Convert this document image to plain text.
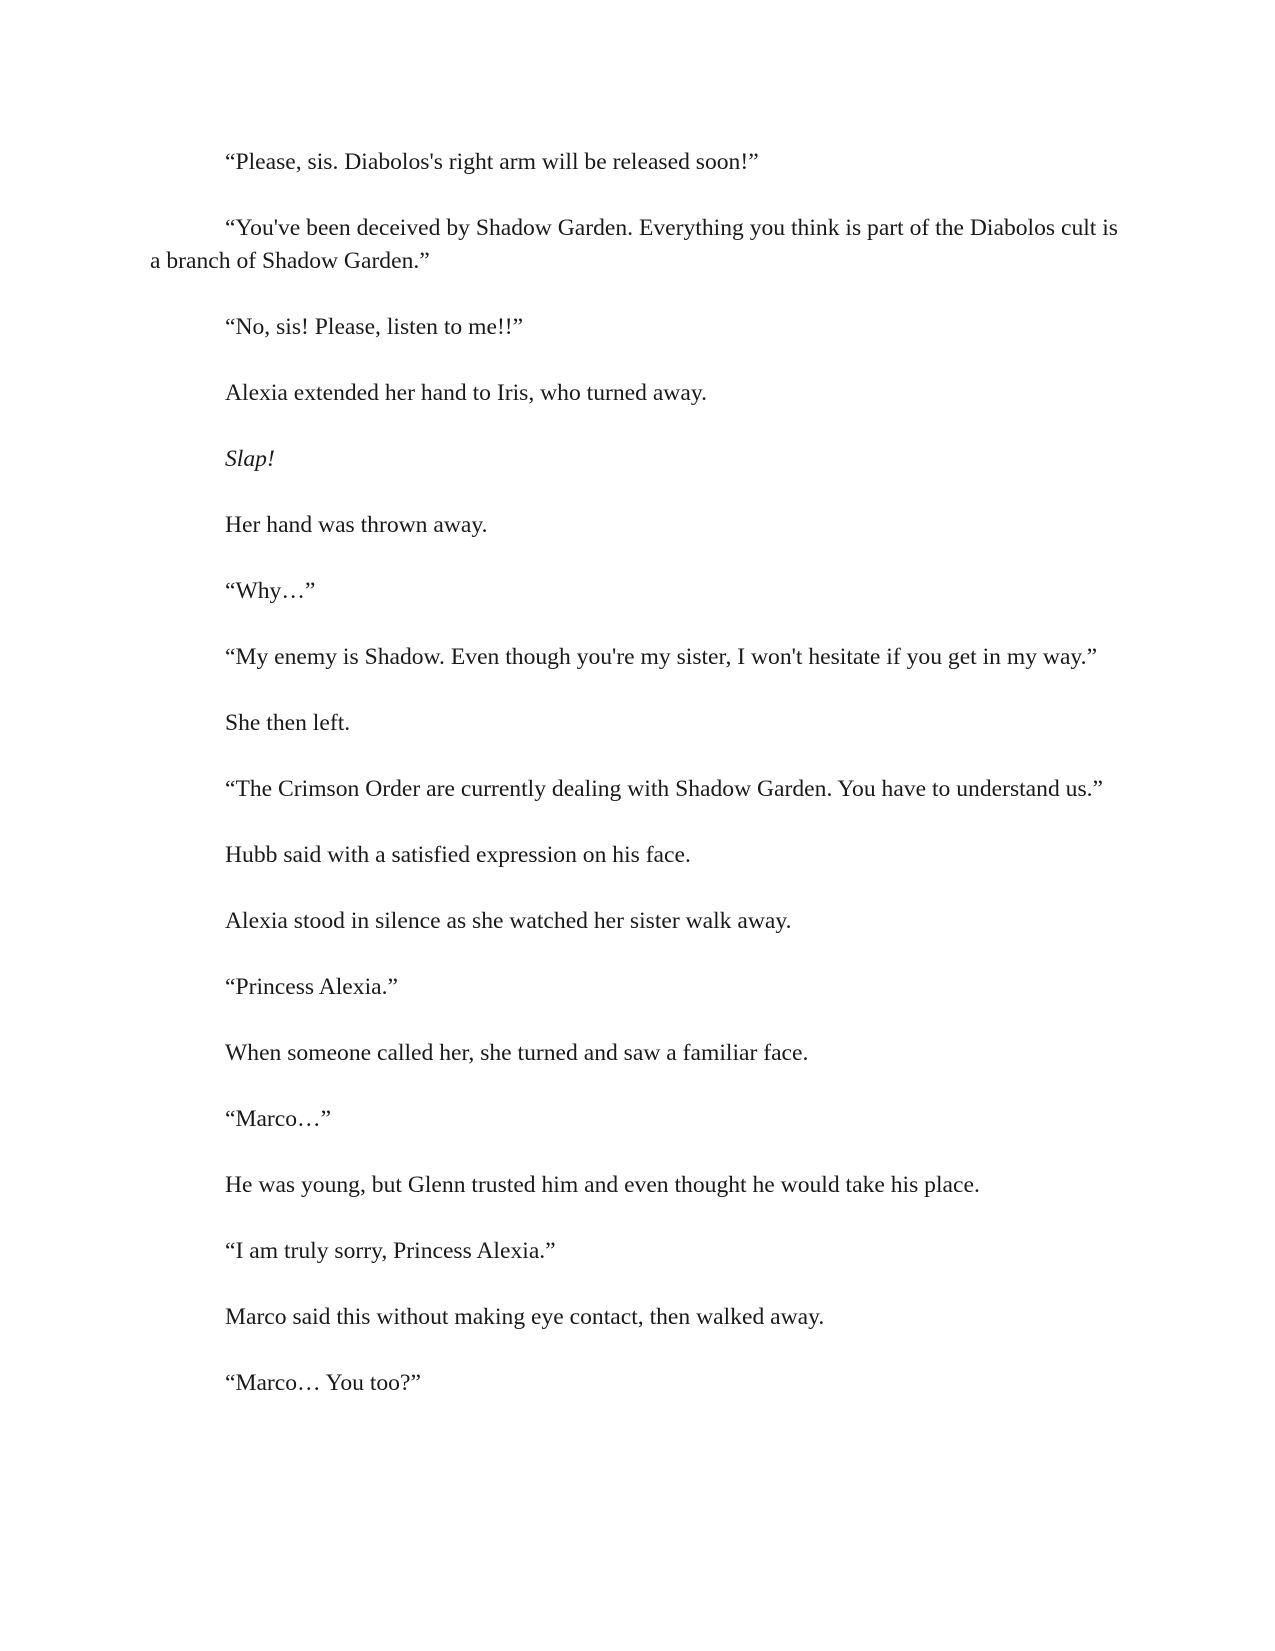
“Please, sis. Diabolos's right arm will be released soon!”

“You've been deceived by Shadow Garden. Everything you think is part of the Diabolos cult is a branch of Shadow Garden.”

“No, sis! Please, listen to me!!”

Alexia extended her hand to Iris, who turned away.

Slap!

Her hand was thrown away.

“Why…”

“My enemy is Shadow. Even though you're my sister, I won't hesitate if you get in my way.”

She then left.

“The Crimson Order are currently dealing with Shadow Garden. You have to understand us.”

Hubb said with a satisfied expression on his face.

Alexia stood in silence as she watched her sister walk away.

“Princess Alexia.”

When someone called her, she turned and saw a familiar face.

“Marco…”

He was young, but Glenn trusted him and even thought he would take his place.

“I am truly sorry, Princess Alexia.”

Marco said this without making eye contact, then walked away.

“Marco… You too?”
